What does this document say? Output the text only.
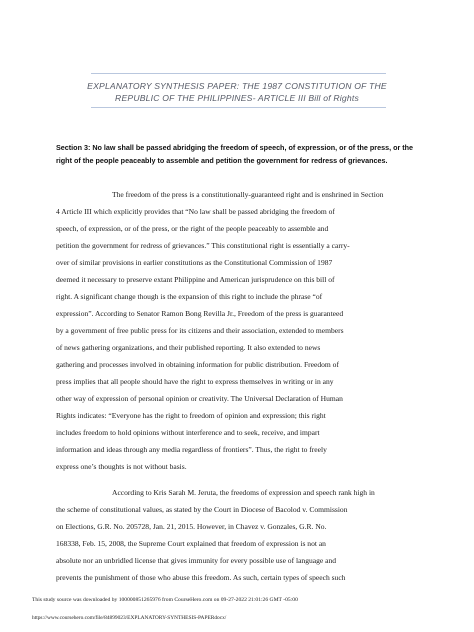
EXPLANATORY SYNTHESIS PAPER: THE 1987 CONSTITUTION OF THE
REPUBLIC OF THE PHILIPPINES- ARTICLE III Bill of Rights
Section 3: No law shall be passed abridging the freedom of speech, of expression, or of the press, or the
right of the people peaceably to assemble and petition the government for redress of grievances.
The freedom of the press is a constitutionally-guaranteed right and is enshrined in Section
4 Article III which explicitly provides that “No law shall be passed abridging the freedom of
speech, of expression, or of the press, or the right of the people peaceably to assemble and
petition the government for redress of grievances.” This constitutional right is essentially a carry-
over of similar provisions in earlier constitutions as the Constitutional Commission of 1987
deemed it necessary to preserve extant Philippine and American jurisprudence on this bill of
right. A significant change though is the expansion of this right to include the phrase “of
expression”. According to Senator Ramon Bong Revilla Jr., Freedom of the press is guaranteed
by a government of free public press for its citizens and their association, extended to members
of news gathering organizations, and their published reporting. It also extended to news
gathering and processes involved in obtaining information for public distribution. Freedom of
press implies that all people should have the right to express themselves in writing or in any
other way of expression of personal opinion or creativity. The Universal Declaration of Human
Rights indicates: “Everyone has the right to freedom of opinion and expression; this right
includes freedom to hold opinions without interference and to seek, receive, and impart
information and ideas through any media regardless of frontiers”. Thus, the right to freely
express one’s thoughts is not without basis.
According to Kris Sarah M. Jeruta, the freedoms of expression and speech rank high in
the scheme of constitutional values, as stated by the Court in Diocese of Bacolod v. Commission
on Elections, G.R. No. 205728, Jan. 21, 2015. However, in Chavez v. Gonzales, G.R. No.
168338, Feb. 15, 2008, the Supreme Court explained that freedom of expression is not an
absolute nor an unbridled license that gives immunity for every possible use of language and
prevents the punishment of those who abuse this freedom. As such, certain types of speech such
This study source was downloaded by 100000851265976 from CourseHero.com on 09-27-2022 21:01:26 GMT -05:00
https://www.coursehero.com/file/84899023/EXPLANATORY-SYNTHESIS-PAPERdocx/
